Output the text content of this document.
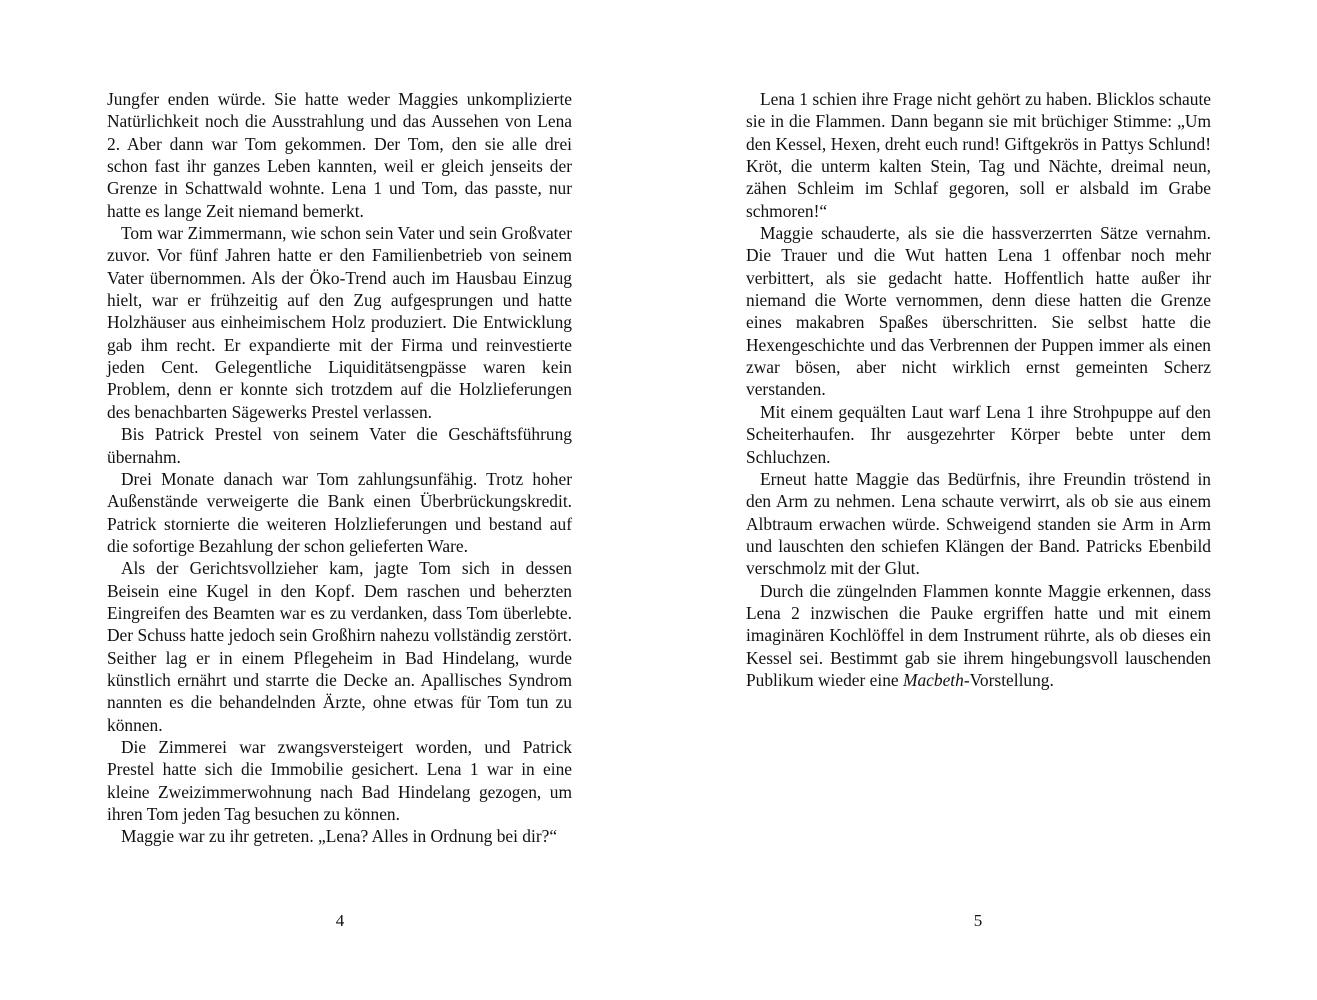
Jungfer enden würde. Sie hatte weder Maggies unkomplizierte Natürlichkeit noch die Ausstrahlung und das Aussehen von Lena 2. Aber dann war Tom gekommen. Der Tom, den sie alle drei schon fast ihr ganzes Leben kannten, weil er gleich jenseits der Grenze in Schattwald wohnte. Lena 1 und Tom, das passte, nur hatte es lange Zeit niemand bemerkt.

Tom war Zimmermann, wie schon sein Vater und sein Großvater zuvor. Vor fünf Jahren hatte er den Familienbetrieb von seinem Vater übernommen. Als der Öko-Trend auch im Hausbau Einzug hielt, war er frühzeitig auf den Zug aufgesprungen und hatte Holzhäuser aus einheimischem Holz produziert. Die Entwicklung gab ihm recht. Er expandierte mit der Firma und reinvestierte jeden Cent. Gelegentliche Liquiditätsengpässe waren kein Problem, denn er konnte sich trotzdem auf die Holzlieferungen des benachbarten Sägewerks Prestel verlassen.

Bis Patrick Prestel von seinem Vater die Geschäftsführung übernahm.

Drei Monate danach war Tom zahlungsunfähig. Trotz hoher Außenstände verweigerte die Bank einen Überbrückungskredit. Patrick stornierte die weiteren Holzlieferungen und bestand auf die sofortige Bezahlung der schon gelieferten Ware.

Als der Gerichtsvollzieher kam, jagte Tom sich in dessen Beisein eine Kugel in den Kopf. Dem raschen und beherzten Eingreifen des Beamten war es zu verdanken, dass Tom überlebte. Der Schuss hatte jedoch sein Großhirn nahezu vollständig zerstört. Seither lag er in einem Pflegeheim in Bad Hindelang, wurde künstlich ernährt und starrte die Decke an. Apallisches Syndrom nannten es die behandelnden Ärzte, ohne etwas für Tom tun zu können.

Die Zimmerei war zwangsversteigert worden, und Patrick Prestel hatte sich die Immobilie gesichert. Lena 1 war in eine kleine Zweizimmerwohnung nach Bad Hindelang gezogen, um ihren Tom jeden Tag besuchen zu können.

Maggie war zu ihr getreten. „Lena? Alles in Ordnung bei dir?“

Lena 1 schien ihre Frage nicht gehört zu haben. Blicklos schaute sie in die Flammen. Dann begann sie mit brüchiger Stimme: „Um den Kessel, Hexen, dreht euch rund! Giftgekrös in Pattys Schlund! Kröt, die unterm kalten Stein, Tag und Nächte, dreimal neun, zähen Schleim im Schlaf gegoren, soll er alsbald im Grabe schmoren!“

Maggie schauderte, als sie die hassverzerrten Sätze vernahm. Die Trauer und die Wut hatten Lena 1 offenbar noch mehr verbittert, als sie gedacht hatte. Hoffentlich hatte außer ihr niemand die Worte vernommen, denn diese hatten die Grenze eines makabren Spaßes überschritten. Sie selbst hatte die Hexengeschichte und das Verbrennen der Puppen immer als einen zwar bösen, aber nicht wirklich ernst gemeinten Scherz verstanden.

Mit einem gequälten Laut warf Lena 1 ihre Strohpuppe auf den Scheiterhaufen. Ihr ausgezehrter Körper bebte unter dem Schluchzen.

Erneut hatte Maggie das Bedürfnis, ihre Freundin tröstend in den Arm zu nehmen. Lena schaute verwirrt, als ob sie aus einem Albtraum erwachen würde. Schweigend standen sie Arm in Arm und lauschten den schiefen Klängen der Band. Patricks Ebenbild verschmolz mit der Glut.

Durch die züngelnden Flammen konnte Maggie erkennen, dass Lena 2 inzwischen die Pauke ergriffen hatte und mit einem imaginären Kochlöffel in dem Instrument rührte, als ob dieses ein Kessel sei. Bestimmt gab sie ihrem hingebungsvoll lauschenden Publikum wieder eine Macbeth-Vorstellung.

4	5
